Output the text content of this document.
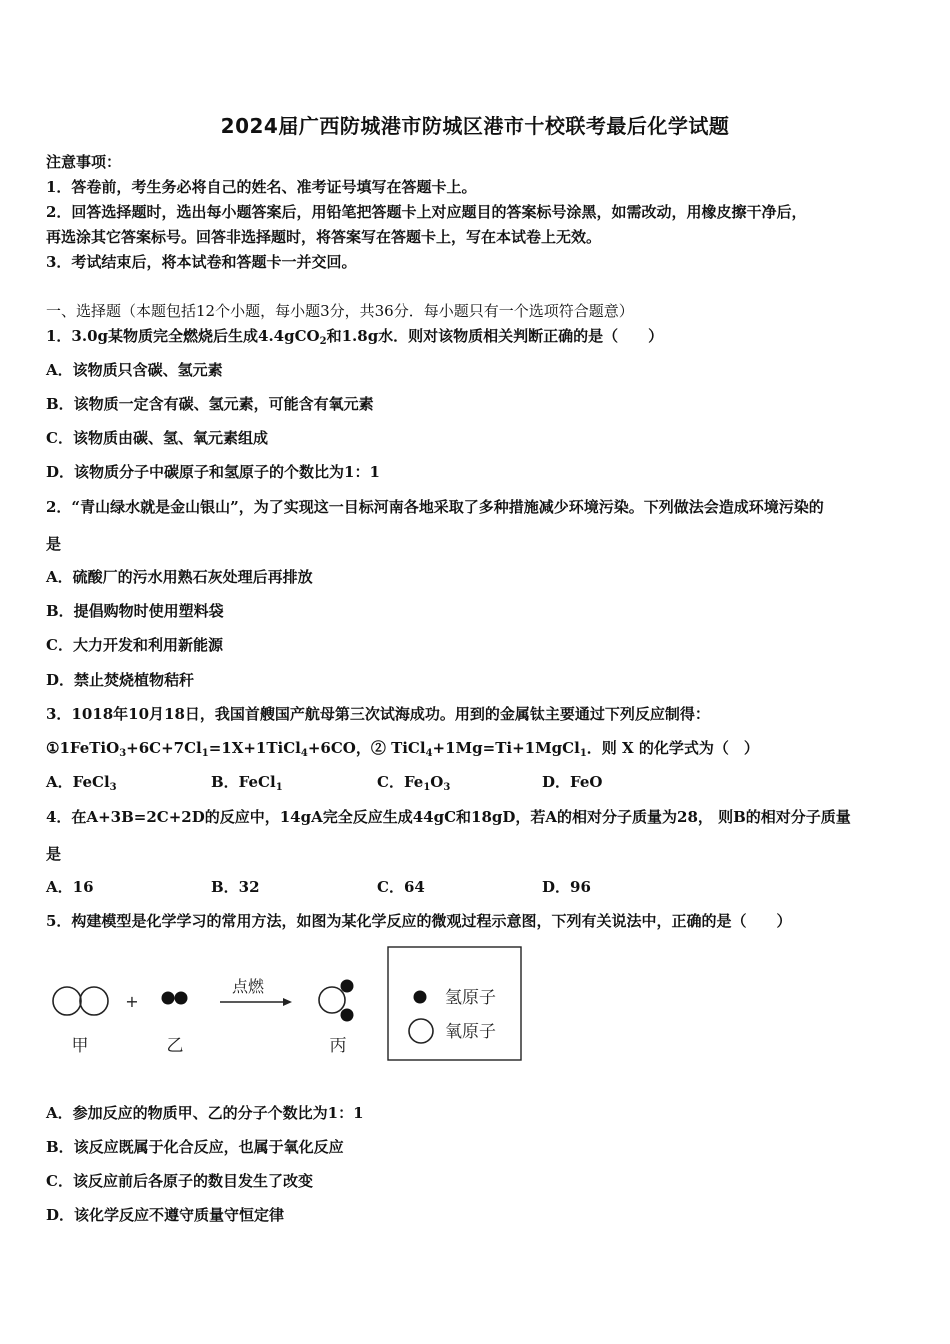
2024届广西防城港市防城区港市十校联考最后化学试题
注意事项：
1．答卷前，考生务必将自己的姓名、准考证号填写在答题卡上。
2．回答选择题时，选出每小题答案后，用铅笔把答题卡上对应题目的答案标号涂黑，如需改动，用橡皮擦干净后，
再选涂其它答案标号。回答非选择题时，将答案写在答题卡上，写在本试卷上无效。
3．考试结束后，将本试卷和答题卡一并交回。
一、选择题（本题包括12个小题，每小题3分，共36分．每小题只有一个选项符合题意）
1．3.0g某物质完全燃烧后生成4.4gCO$_2$和1.8g水．则对该物质相关判断正确的是（　　）
A．该物质只含碳、氢元素
B．该物质一定含有碳、氢元素，可能含有氧元素
C．该物质由碳、氢、氧元素组成
D．该物质分子中碳原子和氢原子的个数比为1：1
2．“青山绿水就是金山银山”，为了实现这一目标河南各地采取了多种措施减少环境污染。下列做法会造成环境污染的
是
A．硫酸厂的污水用熟石灰处理后再排放
B．提倡购物时使用塑料袋
C．大力开发和利用新能源
D．禁止焚烧植物秸秆
3．1018年10月18日，我国首艘国产航母第三次试海成功。用到的金属钛主要通过下列反应制得：
$①1FeTiO_3+6C+7Cl_1=1X+1TiCl_4+6CO$，② TiCl$_4$+1Mg=Ti+1MgCl$_1$．则 X 的化学式为（　）
A．FeCl$_3$	B．FeCl$_1$	C．$Fe_1O_3$	D．FeO
4．在A+3B=2C+2D的反应中，14gA完全反应生成44gC和18gD，若A的相对分子质量为28， 则B的相对分子质量
是
A．16	B．32	C．64	D．96
5．构建模型是化学学习的常用方法，如图为某化学反应的微观过程示意图，下列有关说法中，正确的是（　　）
甲
+
乙
点燃
丙
氢原子
氧原子
A．参加反应的物质甲、乙的分子个数比为1：1
B．该反应既属于化合反应，也属于氧化反应
C．该反应前后各原子的数目发生了改变
D．该化学反应不遵守质量守恒定律
